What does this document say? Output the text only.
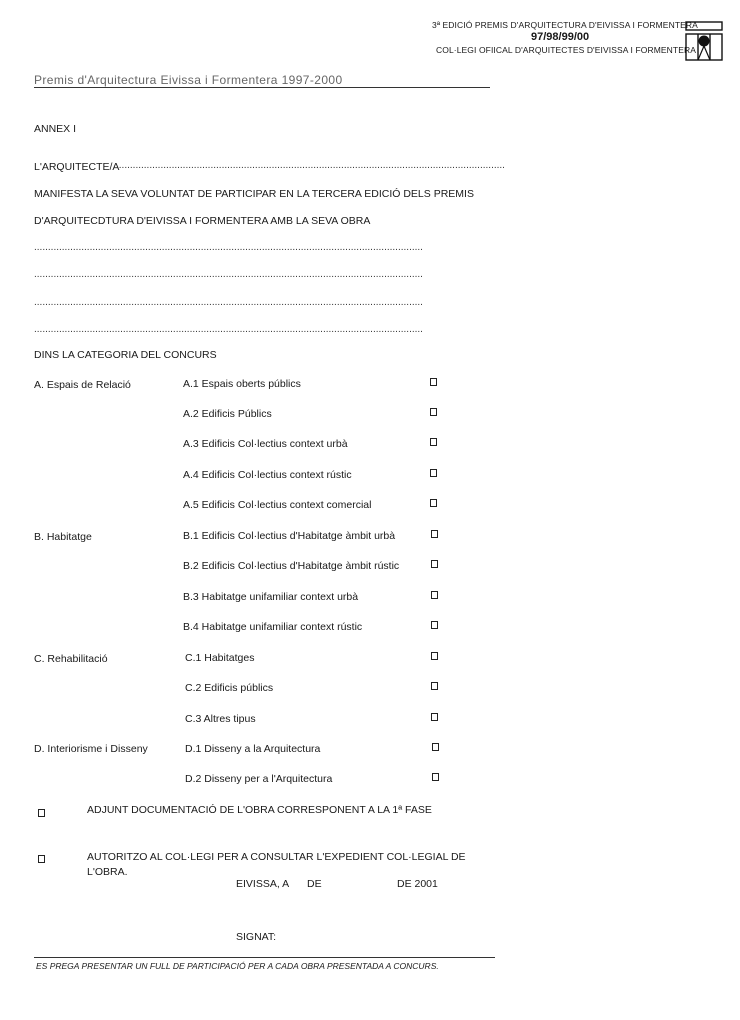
3ª EDICIÓ PREMIS D'ARQUITECTURA D'EIVISSA I FORMENTERA
97/98/99/00
COL·LEGI OFIICAL D'ARQUITECTES D'EIVISSA I FORMENTERA
Premis d'Arquitectura Eivissa i Formentera 1997-2000
ANNEX I
L'ARQUITECTE/A
............................................................................................................................................
MANIFESTA LA SEVA VOLUNTAT DE PARTICIPAR EN LA TERCERA EDICIÓ DELS PREMIS
D'ARQUITECDTURA D'EIVISSA I FORMENTERA AMB LA SEVA OBRA
............................................................................................................................................
............................................................................................................................................
............................................................................................................................................
............................................................................................................................................
DINS LA CATEGORIA DEL CONCURS
A. Espais de Relació	A.1 Espais oberts públics
A.2 Edificis Públics
A.3 Edificis Col·lectius context urbà
A.4 Edificis Col·lectius context rústic
A.5 Edificis Col·lectius context comercial
B. Habitatge	B.1 Edificis Col·lectius d'Habitatge àmbit urbà
B.2 Edificis Col·lectius d'Habitatge àmbit rústic
B.3 Habitatge unifamiliar context urbà
B.4 Habitatge unifamiliar context rústic
C. Rehabilitació	C.1 Habitatges
C.2 Edificis públics
C.3 Altres tipus
D. Interiorisme i Disseny	D.1 Disseny a la Arquitectura
D.2 Disseny per a l'Arquitectura
ADJUNT DOCUMENTACIÓ DE L'OBRA CORRESPONENT A LA 1ª FASE
AUTORITZO AL COL·LEGI PER A CONSULTAR L'EXPEDIENT COL·LEGIAL DE
L'OBRA.
EIVISSA, A DE	DE 2001
SIGNAT:
ES PREGA PRESENTAR UN FULL DE PARTICIPACIÓ PER A CADA OBRA PRESENTADA A CONCURS.
